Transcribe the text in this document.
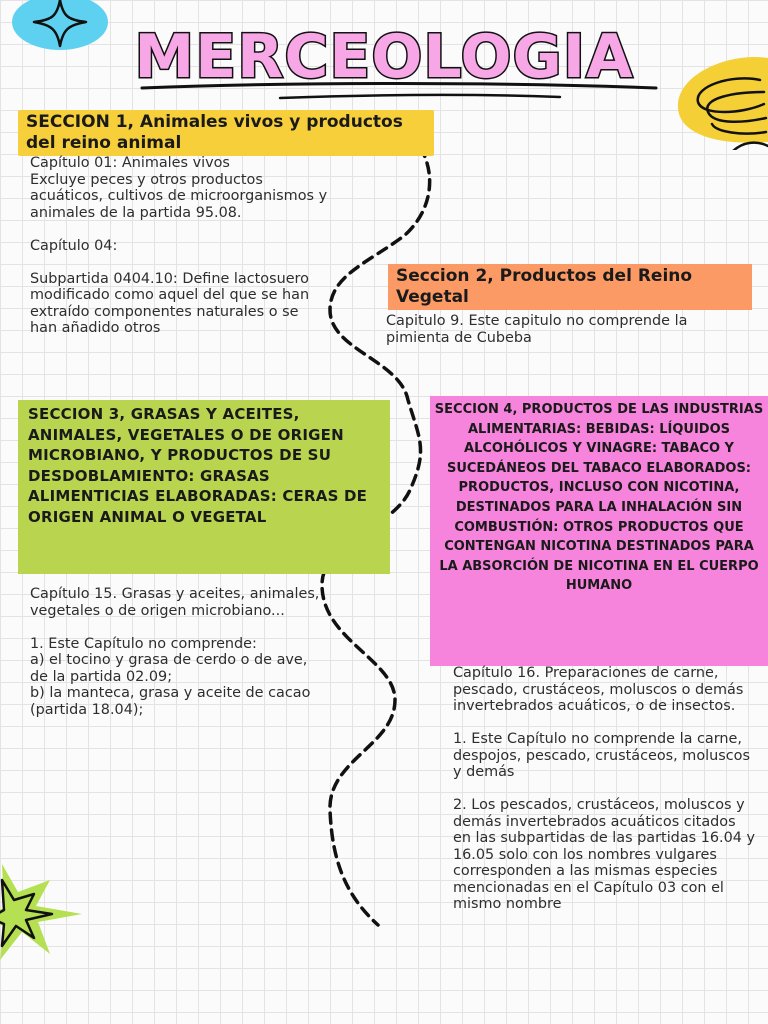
MERCEOLOGIA
SECCION 1, Animales vivos y productos del reino animal

Capítulo 01: Animales vivos
Excluye peces y otros productos acuáticos, cultivos de microorganismos y animales de la partida 95.08.

Capítulo 04:

Subpartida 0404.10: Define lactosuero modificado como aquel del que se han extraído componentes naturales o se han añadido otros

Seccion 2, Productos del Reino Vegetal

Capitulo 9. Este capitulo no comprende la pimienta de Cubeba

SECCION 3, GRASAS Y ACEITES, ANIMALES, VEGETALES O DE ORIGEN MICROBIANO, Y PRODUCTOS DE SU DESDOBLAMIENTO: GRASAS ALIMENTICIAS ELABORADAS: CERAS DE ORIGEN ANIMAL O VEGETAL

Capítulo 15. Grasas y aceites, animales, vegetales o de origen microbiano...

1. Este Capítulo no comprende:
a) el tocino y grasa de cerdo o de ave, de la partida 02.09;
b) la manteca, grasa y aceite de cacao (partida 18.04);

SECCION 4, PRODUCTOS DE LAS INDUSTRIAS ALIMENTARIAS: BEBIDAS: LÍQUIDOS ALCOHÓLICOS Y VINAGRE: TABACO Y SUCEDÁNEOS DEL TABACO ELABORADOS: PRODUCTOS, INCLUSO CON NICOTINA, DESTINADOS PARA LA INHALACIÓN SIN COMBUSTIÓN: OTROS PRODUCTOS QUE CONTENGAN NICOTINA DESTINADOS PARA LA ABSORCIÓN DE NICOTINA EN EL CUERPO HUMANO

Capítulo 16. Preparaciones de carne, pescado, crustáceos, moluscos o demás invertebrados acuáticos, o de insectos.

1. Este Capítulo no comprende la carne, despojos, pescado, crustáceos, moluscos y demás

2. Los pescados, crustáceos, moluscos y demás invertebrados acuáticos citados en las subpartidas de las partidas 16.04 y 16.05 solo con los nombres vulgares corresponden a las mismas especies mencionadas en el Capítulo 03 con el mismo nombre
